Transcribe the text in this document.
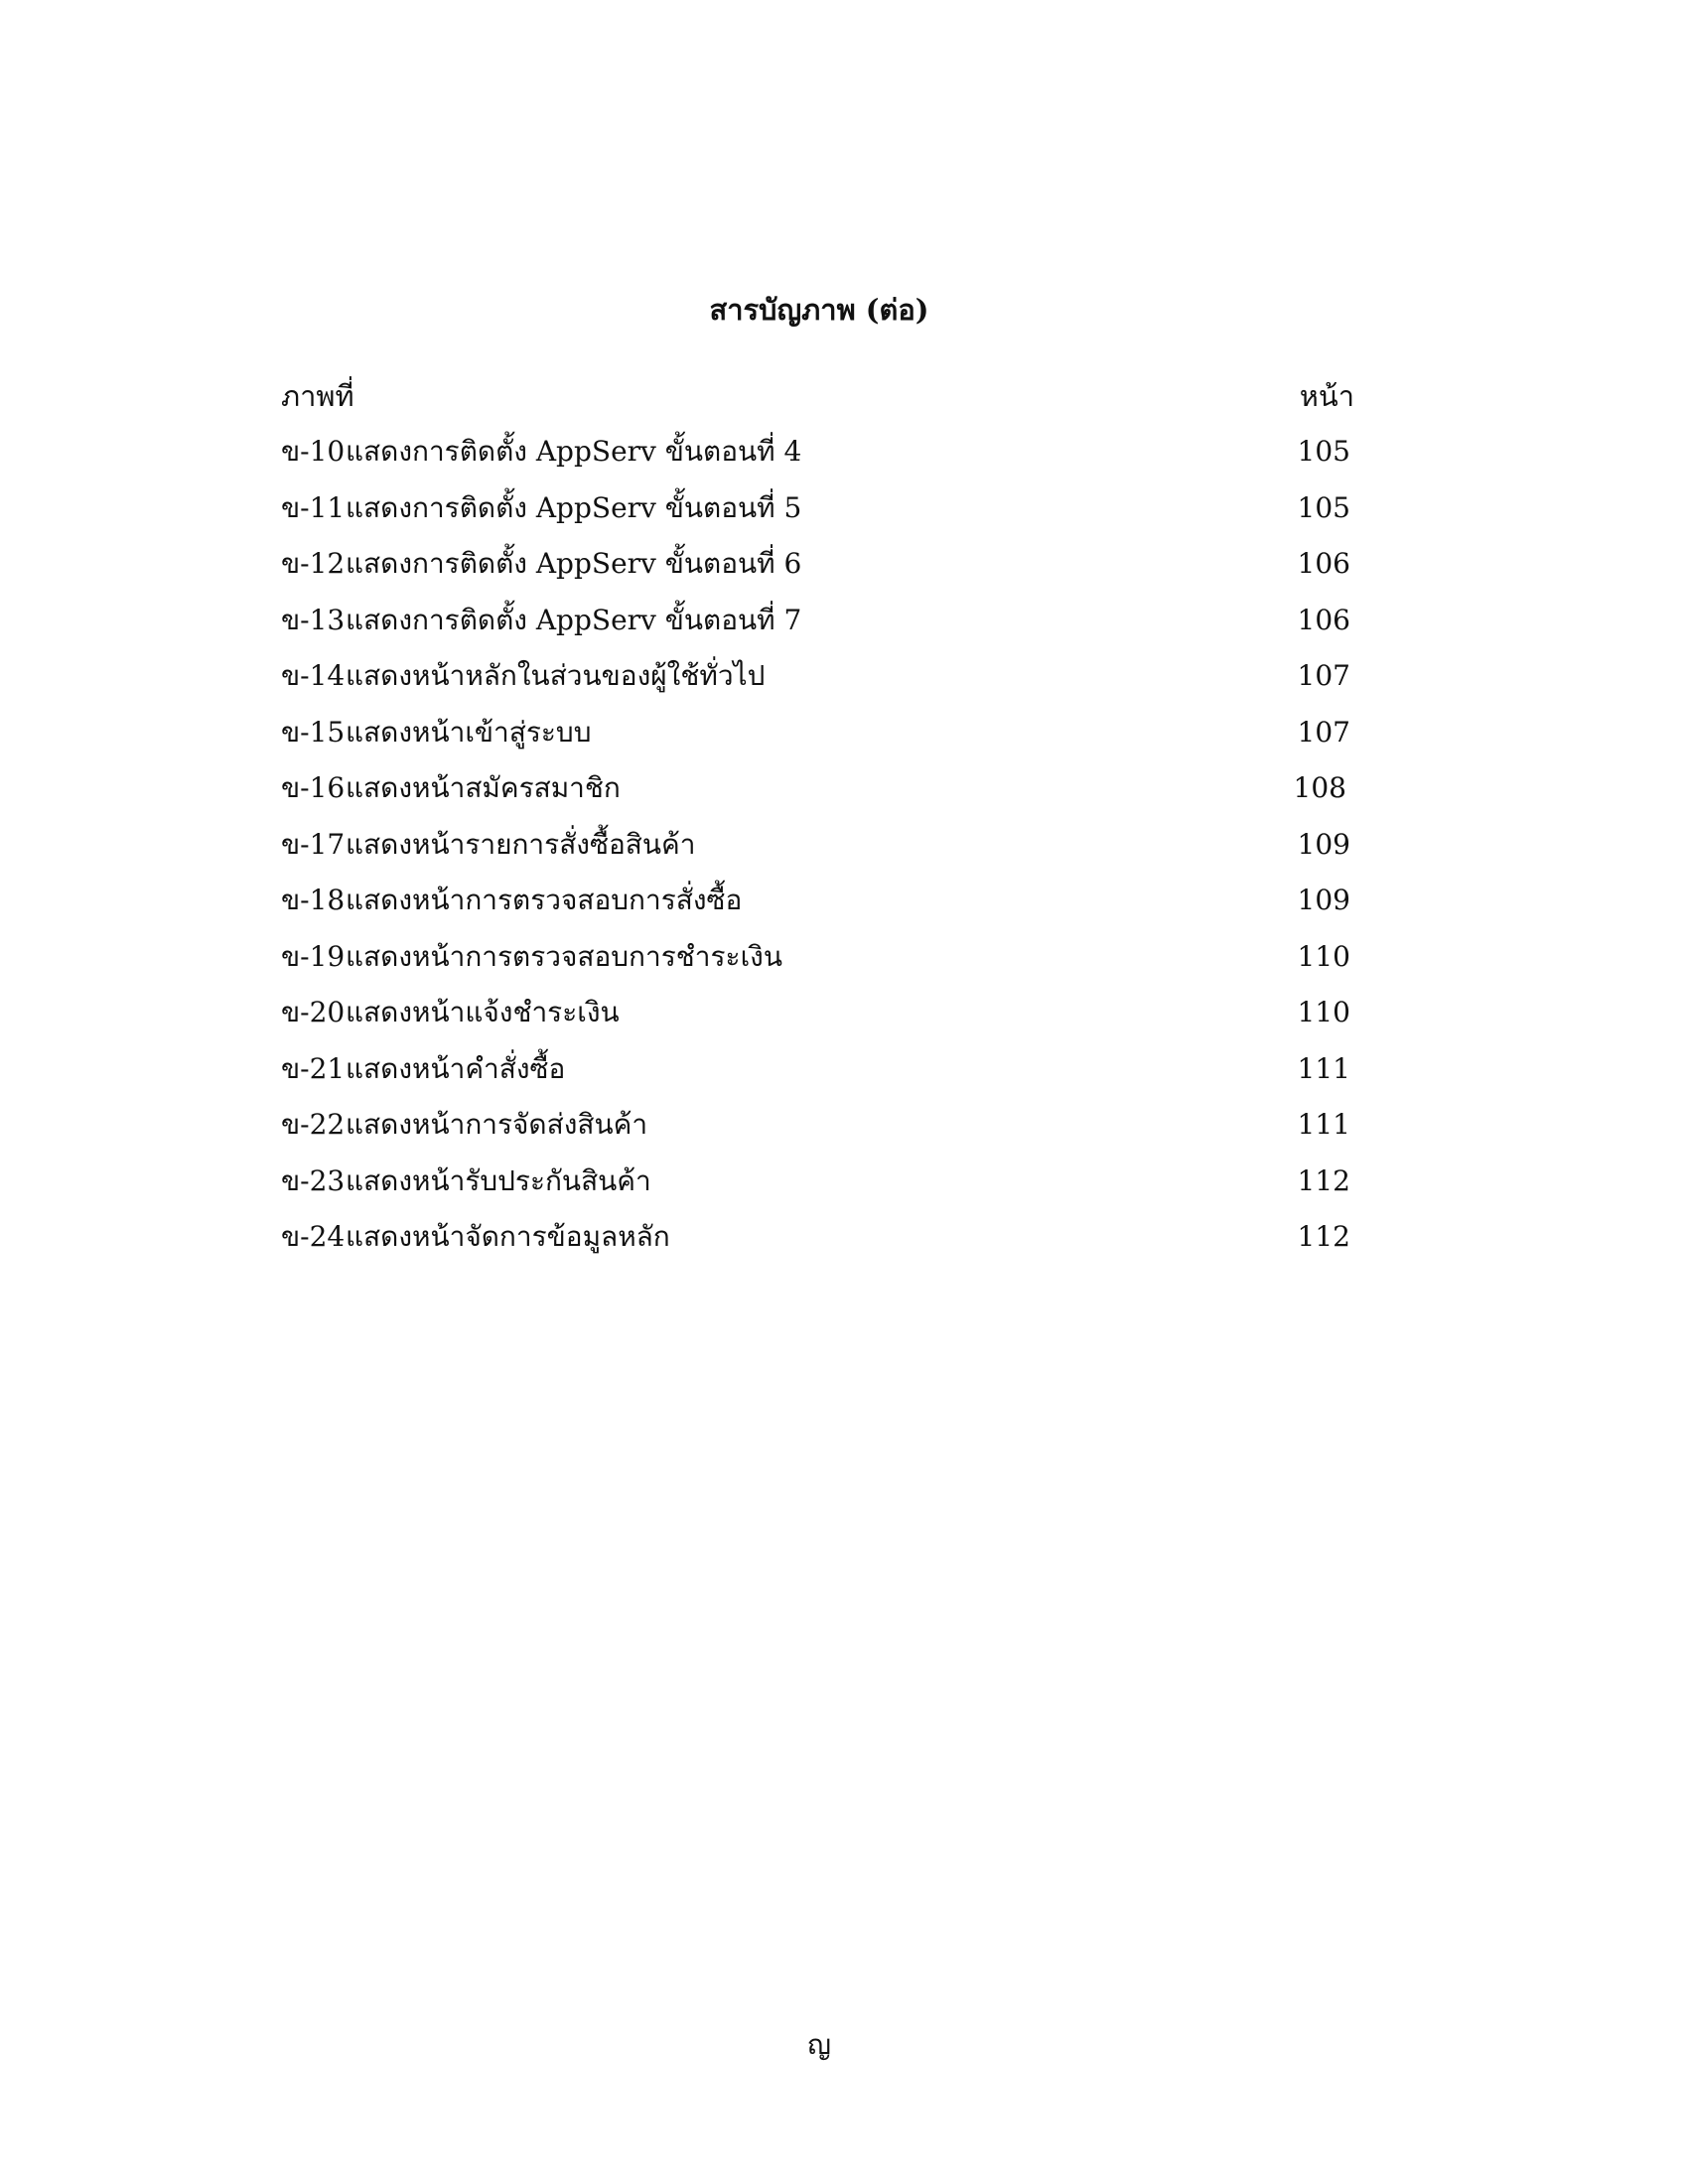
สารบัญภาพ (ต่อ)
ภาพที่	หน้า
ข-10 แสดงการติดตั้ง AppServ ขั้นตอนที่ 4	105
ข-11 แสดงการติดตั้ง AppServ ขั้นตอนที่ 5	105
ข-12 แสดงการติดตั้ง AppServ ขั้นตอนที่ 6	106
ข-13 แสดงการติดตั้ง AppServ ขั้นตอนที่ 7	106
ข-14 แสดงหน้าหลักในส่วนของผู้ใช้ทั่วไป	107
ข-15 แสดงหน้าเข้าสู่ระบบ	107
ข-16 แสดงหน้าสมัครสมาชิก	108
ข-17 แสดงหน้ารายการสั่งซื้อสินค้า	109
ข-18 แสดงหน้าการตรวจสอบการสั่งซื้อ	109
ข-19 แสดงหน้าการตรวจสอบการชำระเงิน	110
ข-20 แสดงหน้าแจ้งชำระเงิน	110
ข-21 แสดงหน้าคำสั่งซื้อ	111
ข-22 แสดงหน้าการจัดส่งสินค้า	111
ข-23 แสดงหน้ารับประกันสินค้า	112
ข-24 แสดงหน้าจัดการข้อมูลหลัก	112
ญ
